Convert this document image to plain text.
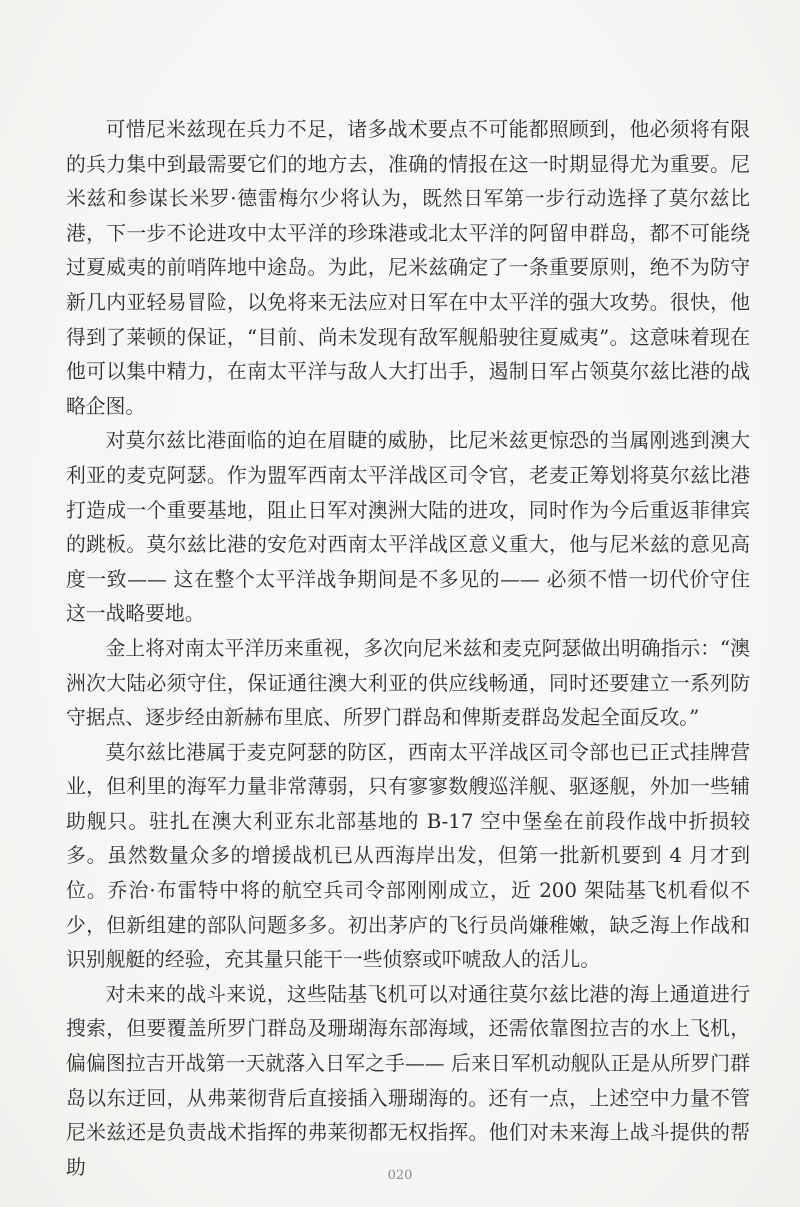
可惜尼米兹现在兵力不足，诸多战术要点不可能都照顾到，他必须将有限的兵力集中到最需要它们的地方去，准确的情报在这一时期显得尤为重要。尼米兹和参谋长米罗·德雷梅尔少将认为，既然日军第一步行动选择了莫尔兹比港，下一步不论进攻中太平洋的珍珠港或北太平洋的阿留申群岛，都不可能绕过夏威夷的前哨阵地中途岛。为此，尼米兹确定了一条重要原则，绝不为防守新几内亚轻易冒险，以免将来无法应对日军在中太平洋的强大攻势。很快，他得到了莱顿的保证，“目前、尚未发现有敌军舰船驶往夏威夷”。这意味着现在他可以集中精力，在南太平洋与敌人大打出手，遏制日军占领莫尔兹比港的战略企图。

对莫尔兹比港面临的迫在眉睫的威胁，比尼米兹更惊恐的当属刚逃到澳大利亚的麦克阿瑟。作为盟军西南太平洋战区司令官，老麦正筹划将莫尔兹比港打造成一个重要基地，阻止日军对澳洲大陆的进攻，同时作为今后重返菲律宾的跳板。莫尔兹比港的安危对西南太平洋战区意义重大，他与尼米兹的意见高度一致—— 这在整个太平洋战争期间是不多见的—— 必须不惜一切代价守住这一战略要地。

金上将对南太平洋历来重视，多次向尼米兹和麦克阿瑟做出明确指示：“澳洲次大陆必须守住，保证通往澳大利亚的供应线畅通，同时还要建立一系列防守据点、逐步经由新赫布里底、所罗门群岛和俾斯麦群岛发起全面反攻。”

莫尔兹比港属于麦克阿瑟的防区，西南太平洋战区司令部也已正式挂牌营业，但利里的海军力量非常薄弱，只有寥寥数艘巡洋舰、驱逐舰，外加一些辅助舰只。驻扎在澳大利亚东北部基地的 B-17 空中堡垒在前段作战中折损较多。虽然数量众多的增援战机已从西海岸出发，但第一批新机要到 4 月才到位。乔治·布雷特中将的航空兵司令部刚刚成立，近 200 架陆基飞机看似不少，但新组建的部队问题多多。初出茅庐的飞行员尚嫌稚嫩，缺乏海上作战和识别舰艇的经验，充其量只能干一些侦察或吓唬敌人的活儿。

对未来的战斗来说，这些陆基飞机可以对通往莫尔兹比港的海上通道进行搜索，但要覆盖所罗门群岛及珊瑚海东部海域，还需依靠图拉吉的水上飞机，偏偏图拉吉开战第一天就落入日军之手—— 后来日军机动舰队正是从所罗门群岛以东迂回，从弗莱彻背后直接插入珊瑚海的。还有一点，上述空中力量不管尼米兹还是负责战术指挥的弗莱彻都无权指挥。他们对未来海上战斗提供的帮助	020
